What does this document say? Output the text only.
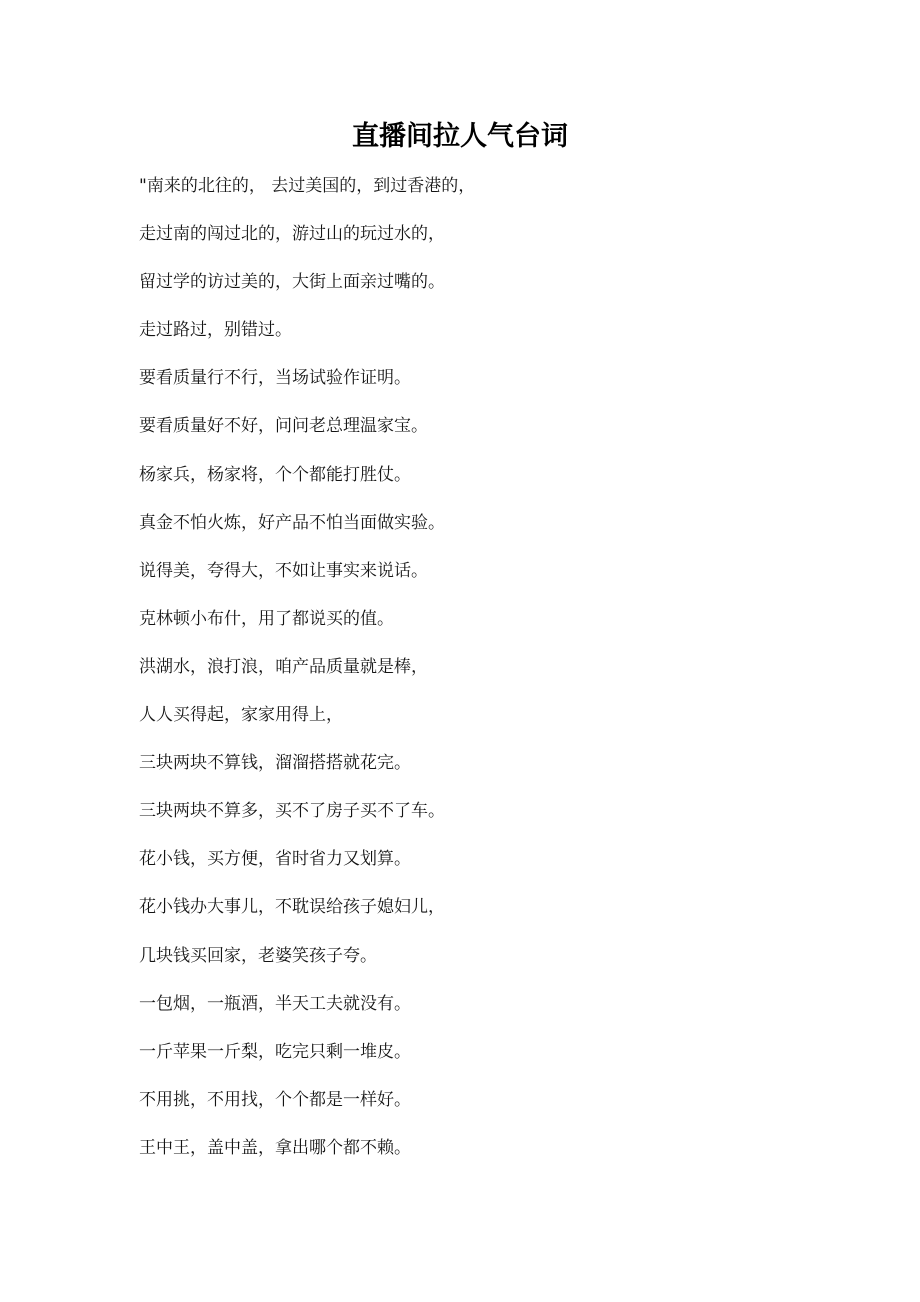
直播间拉人气台词
"南来的北往的， 去过美国的，到过香港的，
走过南的闯过北的，游过山的玩过水的，
留过学的访过美的，大街上面亲过嘴的。
走过路过，别错过。
要看质量行不行，当场试验作证明。
要看质量好不好，问问老总理温家宝。
杨家兵，杨家将，个个都能打胜仗。
真金不怕火炼，好产品不怕当面做实验。
说得美，夸得大，不如让事实来说话。
克林顿小布什，用了都说买的值。
洪湖水，浪打浪，咱产品质量就是棒，
人人买得起，家家用得上，
三块两块不算钱，溜溜搭搭就花完。
三块两块不算多，买不了房子买不了车。
花小钱，买方便，省时省力又划算。
花小钱办大事儿，不耽误给孩子媳妇儿，
几块钱买回家，老婆笑孩子夸。
一包烟，一瓶酒，半天工夫就没有。
一斤苹果一斤梨，吃完只剩一堆皮。
不用挑，不用找，个个都是一样好。
王中王，盖中盖，拿出哪个都不赖。
